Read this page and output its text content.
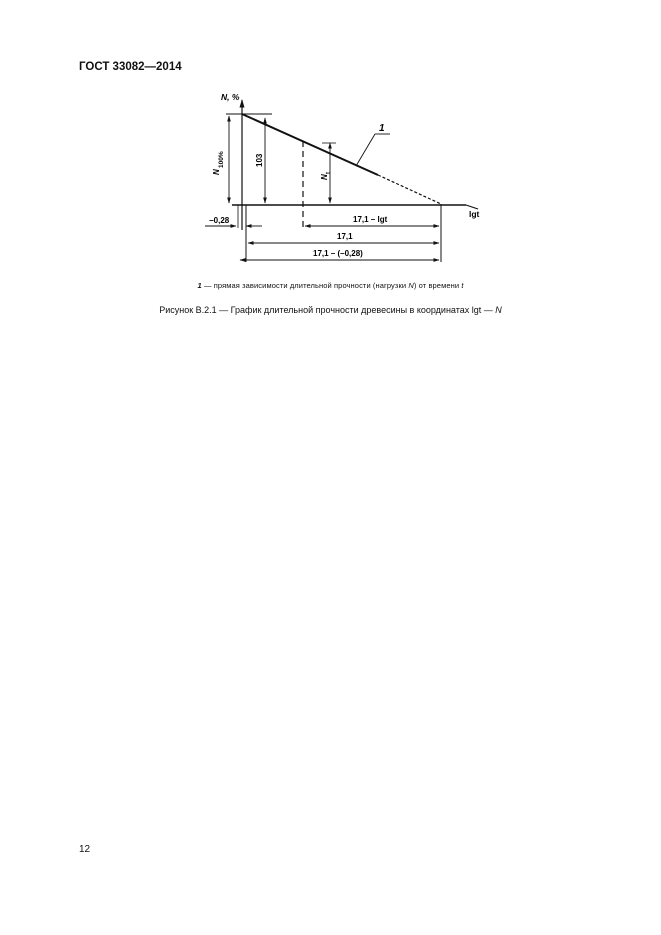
ГОСТ 33082—2014
N
100%	103
N
t
N, %
lgt
−0,28	17,1 – lgt
17,1
17,1 – (–0,28)
1
1 — прямая зависимости длительной прочности (нагрузки N) от времени t
Рисунок В.2.1 — График длительной прочности древесины в координатах lgt — N
12
